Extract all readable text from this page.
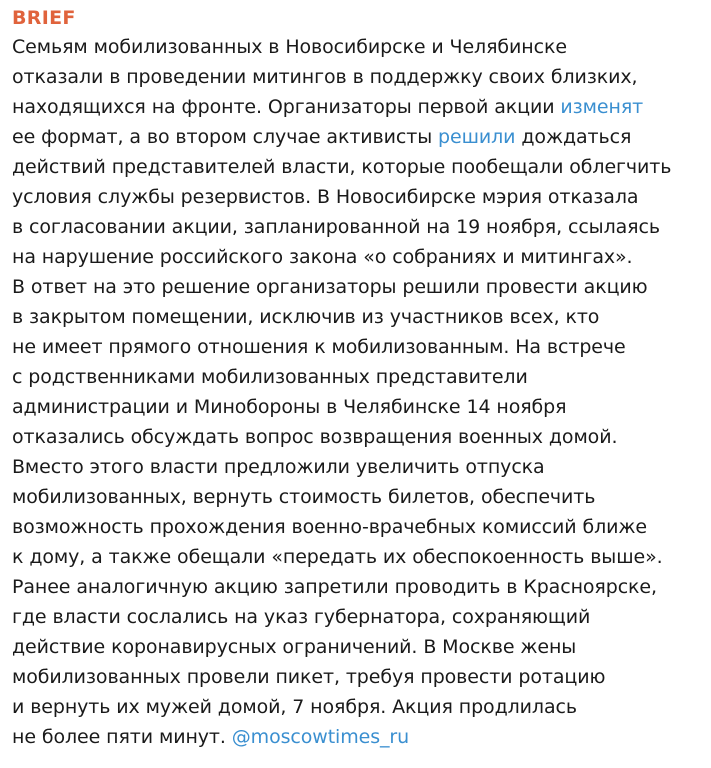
BRIEF
Семьям мобилизованных в Новосибирске и Челябинске
отказали в проведении митингов в поддержку своих близких,
находящихся на фронте. Организаторы первой акции изменят
ее формат, а во втором случае активисты решили дождаться
действий представителей власти, которые пообещали облегчить
условия службы резервистов. В Новосибирске мэрия отказала
в согласовании акции, запланированной на 19 ноября, ссылаясь
на нарушение российского закона «о собраниях и митингах».
В ответ на это решение организаторы решили провести акцию
в закрытом помещении, исключив из участников всех, кто
не имеет прямого отношения к мобилизованным. На встрече
с родственниками мобилизованных представители
администрации и Минобороны в Челябинске 14 ноября
отказались обсуждать вопрос возвращения военных домой.
Вместо этого власти предложили увеличить отпуска
мобилизованных, вернуть стоимость билетов, обеспечить
возможность прохождения военно-врачебных комиссий ближе
к дому, а также обещали «передать их обеспокоенность выше».
Ранее аналогичную акцию запретили проводить в Красноярске,
где власти сослались на указ губернатора, сохраняющий
действие коронавирусных ограничений. В Москве жены
мобилизованных провели пикет, требуя провести ротацию
и вернуть их мужей домой, 7 ноября. Акция продлилась
не более пяти минут. @moscowtimes_ru
